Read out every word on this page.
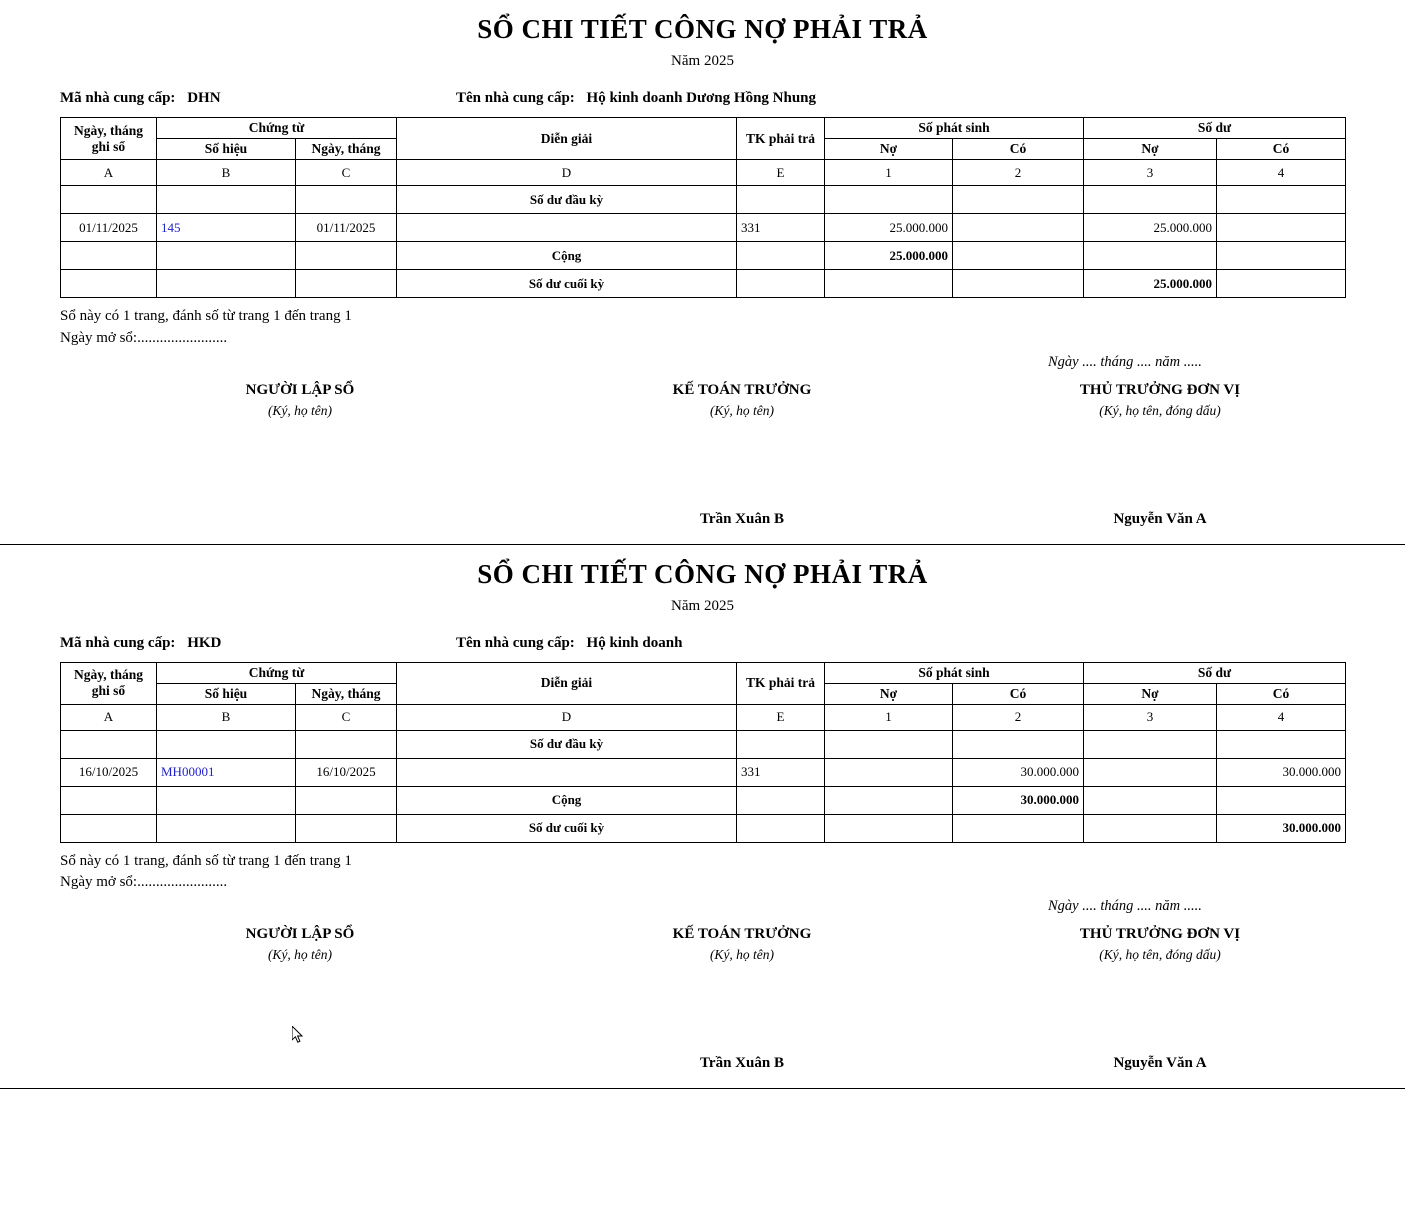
SỔ CHI TIẾT CÔNG NỢ PHẢI TRẢ
Năm 2025
Mã nhà cung cấp: DHN	Tên nhà cung cấp: Hộ kinh doanh Dương Hồng Nhung
Ngày, tháng ghi sổ	Chứng từ		Diễn giải	TK phải trả	Số phát sinh		Số dư	
	Số hiệu	Ngày, tháng			Nợ	Có	Nợ	Có
A	B	C	D	E	1	2	3	4
			Số dư đầu kỳ					
01/11/2025	145	01/11/2025		331	25.000.000		25.000.000	
			Cộng		25.000.000			
			Số dư cuối kỳ				25.000.000	
Sổ này có 1 trang, đánh số từ trang 1 đến trang 1
Ngày mở sổ:........................
Ngày .... tháng .... năm .....
NGƯỜI LẬP SỔ
(Ký, họ tên)
KẾ TOÁN TRƯỞNG
(Ký, họ tên)
Trần Xuân B
THỦ TRƯỞNG ĐƠN VỊ
(Ký, họ tên, đóng dấu)
Nguyễn Văn A
SỔ CHI TIẾT CÔNG NỢ PHẢI TRẢ
Năm 2025
Mã nhà cung cấp: HKD	Tên nhà cung cấp: Hộ kinh doanh
Ngày, tháng ghi sổ	Chứng từ		Diễn giải	TK phải trả	Số phát sinh		Số dư	
	Số hiệu	Ngày, tháng			Nợ	Có	Nợ	Có
A	B	C	D	E	1	2	3	4
			Số dư đầu kỳ					
16/10/2025	MH00001	16/10/2025		331		30.000.000		30.000.000
			Cộng			30.000.000		
			Số dư cuối kỳ					30.000.000
Sổ này có 1 trang, đánh số từ trang 1 đến trang 1
Ngày mở sổ:........................
Ngày .... tháng .... năm .....
NGƯỜI LẬP SỔ
(Ký, họ tên)
KẾ TOÁN TRƯỞNG
(Ký, họ tên)
Trần Xuân B
THỦ TRƯỞNG ĐƠN VỊ
(Ký, họ tên, đóng dấu)
Nguyễn Văn A
